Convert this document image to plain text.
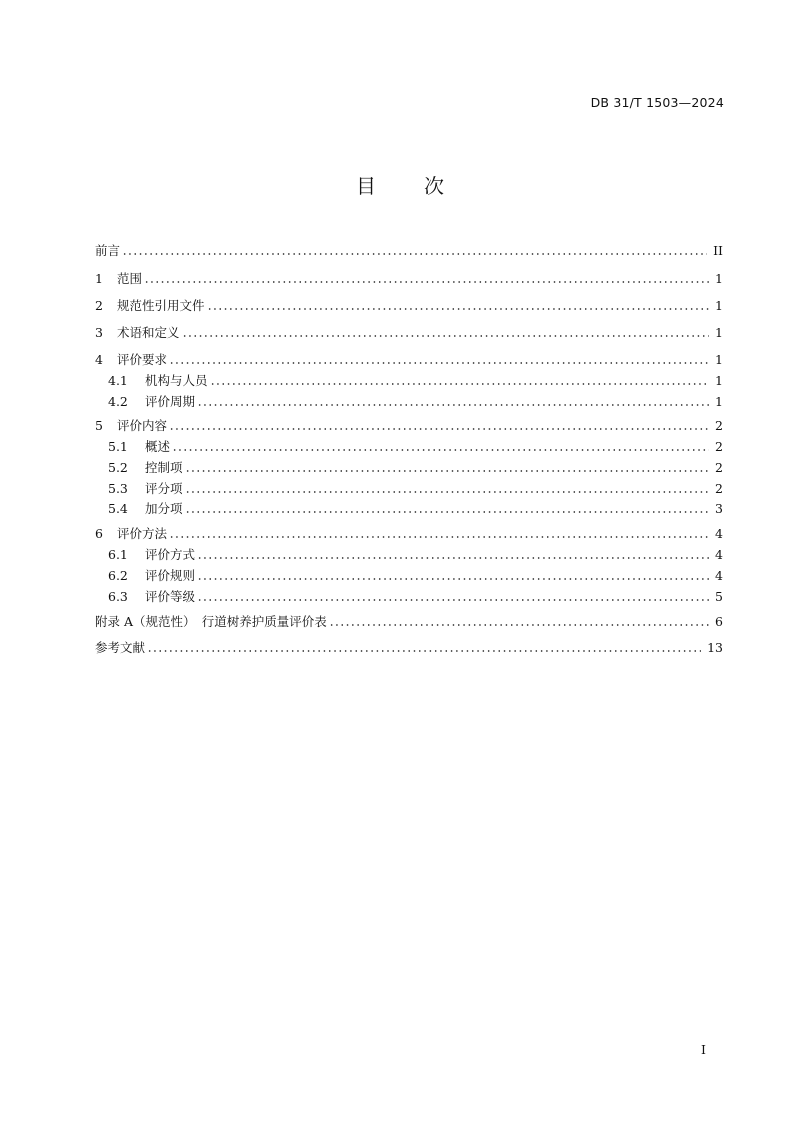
DB 31/T 1503—2024
目 次
前言	II
1	范围	1
2	规范性引用文件	1
3	术语和定义	1
4	评价要求	1
4.1	机构与人员	1
4.2	评价周期	1
5	评价内容	2
5.1	概述	2
5.2	控制项	2
5.3	评分项	2
5.4	加分项	3
6	评价方法	4
6.1	评价方式	4
6.2	评价规则	4
6.3	评价等级	5
附录 A（规范性）　行道树养护质量评价表	6
参考文献	13
I
